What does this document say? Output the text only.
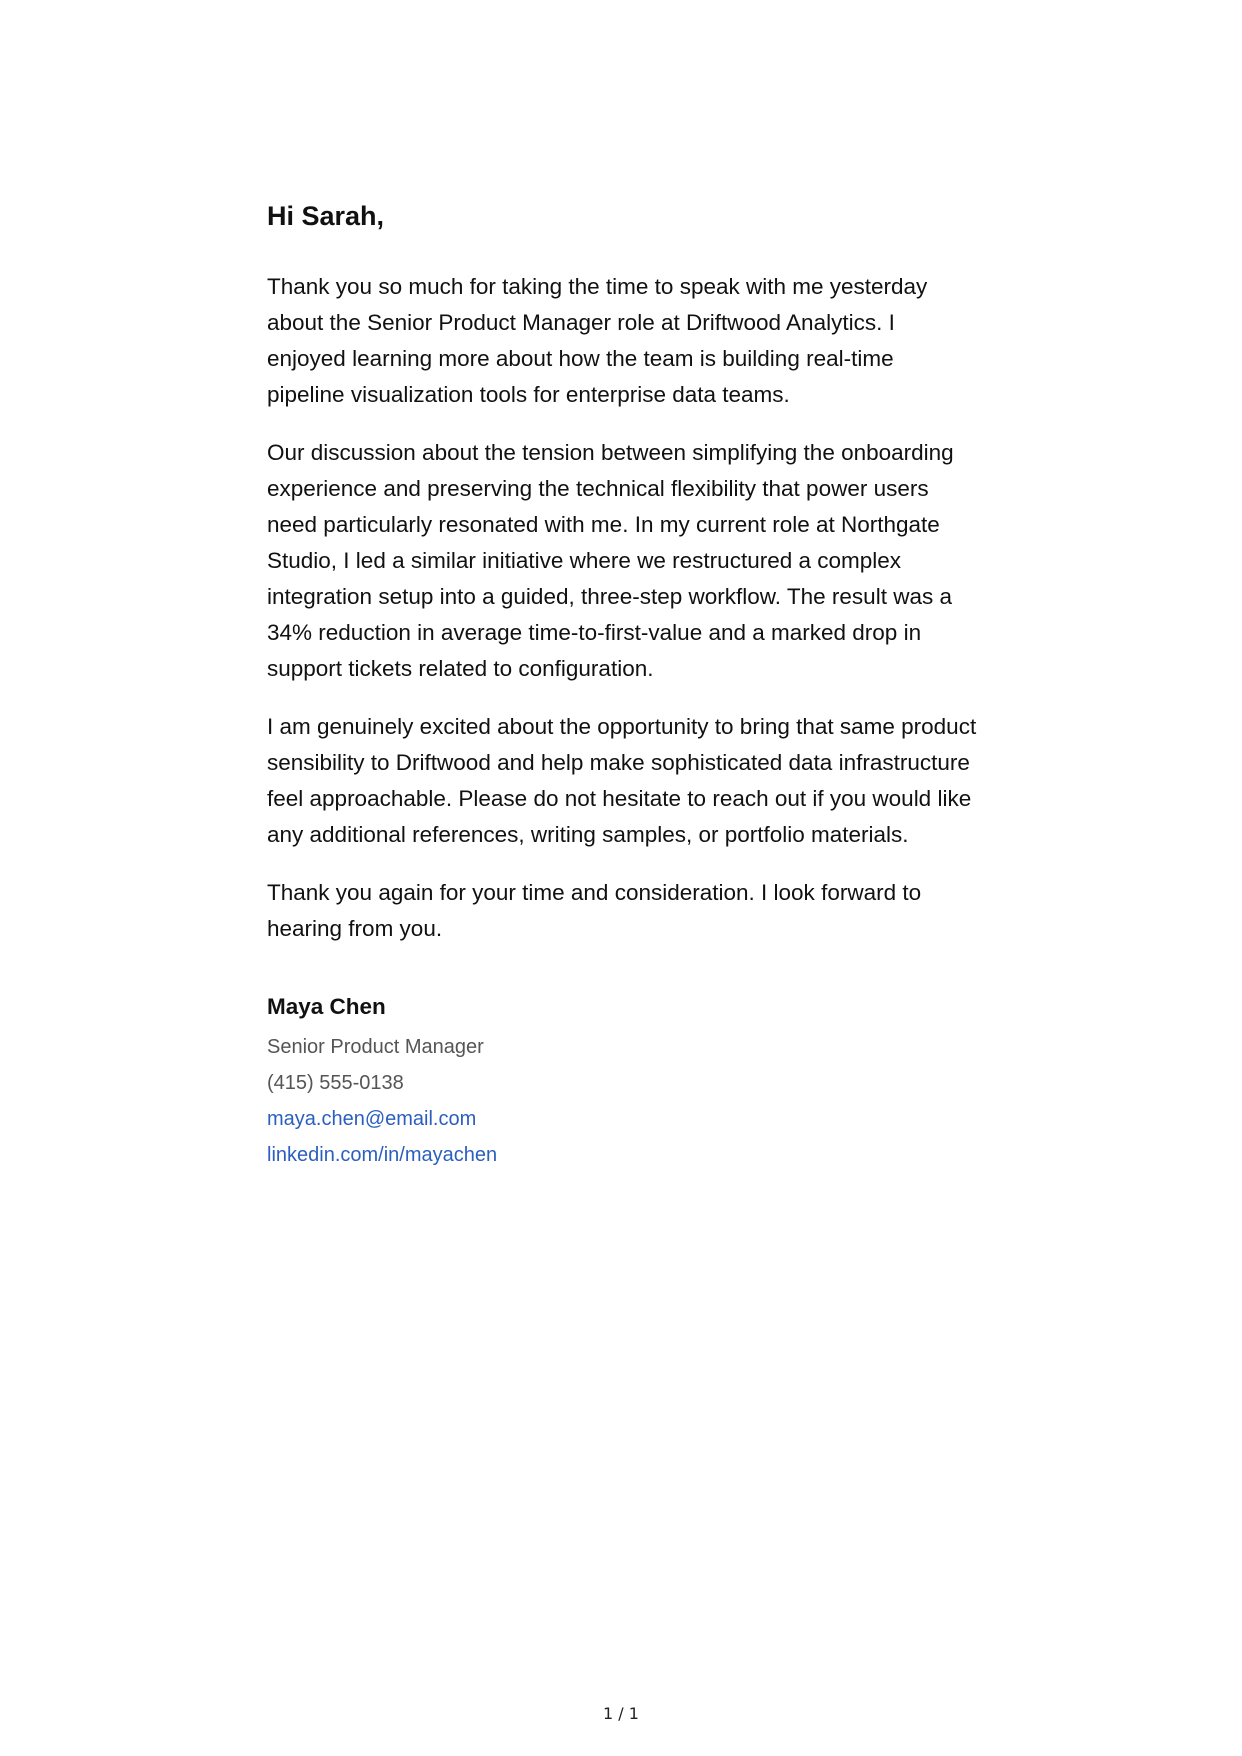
Hi Sarah,

Thank you so much for taking the time to speak with me yesterday about the Senior Product Manager role at Driftwood Analytics. I enjoyed learning more about how the team is building real-time pipeline visualization tools for enterprise data teams.

Our discussion about the tension between simplifying the onboarding experience and preserving the technical flexibility that power users need particularly resonated with me. In my current role at Northgate Studio, I led a similar initiative where we restructured a complex integration setup into a guided, three-step workflow. The result was a 34% reduction in average time-to-first-value and a marked drop in support tickets related to configuration.

I am genuinely excited about the opportunity to bring that same product sensibility to Driftwood and help make sophisticated data infrastructure feel approachable. Please do not hesitate to reach out if you would like any additional references, writing samples, or portfolio materials.

Thank you again for your time and consideration. I look forward to hearing from you.

Maya Chen
Senior Product Manager
(415) 555-0138
maya.chen@email.com
linkedin.com/in/mayachen
1 / 1
